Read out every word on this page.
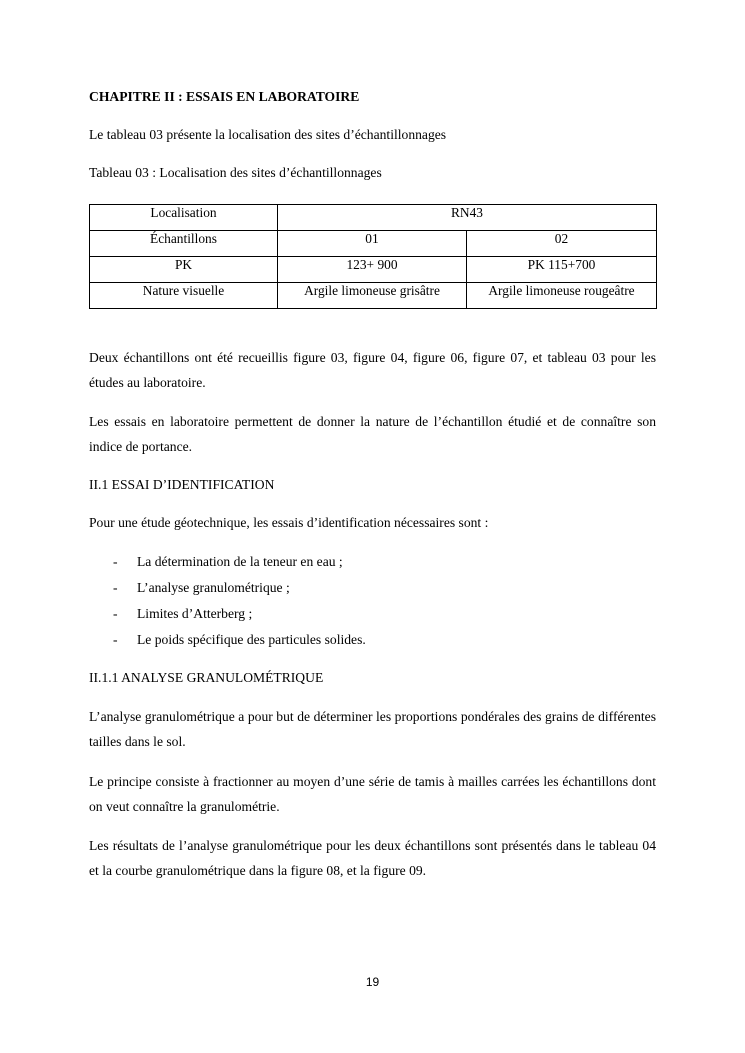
CHAPITRE II : ESSAIS EN LABORATOIRE
Le tableau 03 présente la localisation des sites d’échantillonnages
Tableau 03 : Localisation des sites d’échantillonnages
Localisation	RN43	
Échantillons	01	02
PK	123+ 900	PK 115+700
Nature visuelle	Argile limoneuse grisâtre	Argile limoneuse rougeâtre
Deux échantillons ont été recueillis figure 03, figure 04, figure 06, figure 07, et tableau 03 pour les études au laboratoire.
Les essais en laboratoire permettent de donner la nature de l’échantillon étudié et de connaître son indice de portance.
II.1 ESSAI D’IDENTIFICATION
Pour une étude géotechnique, les essais d’identification nécessaires sont :
- La détermination de la teneur en eau ;
- L’analyse granulométrique ;
- Limites d’Atterberg ;
- Le poids spécifique des particules solides.
II.1.1 ANALYSE GRANULOMÉTRIQUE
L’analyse granulométrique a pour but de déterminer les proportions pondérales des grains de différentes tailles dans le sol.
Le principe consiste à fractionner au moyen d’une série de tamis à mailles carrées les échantillons dont on veut connaître la granulométrie.
Les résultats de l’analyse granulométrique pour les deux échantillons sont présentés dans le tableau 04 et la courbe granulométrique dans la figure 08, et la figure 09.
19
